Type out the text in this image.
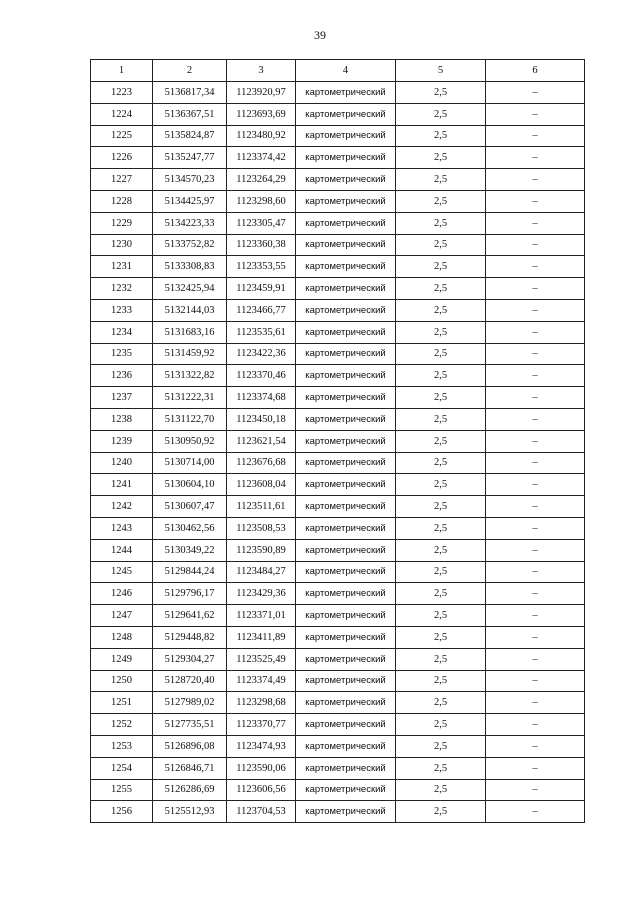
39
1	2	3	4	5	6
1223	5136817,34	1123920,97	картометрический	2,5	–
1224	5136367,51	1123693,69	картометрический	2,5	–
1225	5135824,87	1123480,92	картометрический	2,5	–
1226	5135247,77	1123374,42	картометрический	2,5	–
1227	5134570,23	1123264,29	картометрический	2,5	–
1228	5134425,97	1123298,60	картометрический	2,5	–
1229	5134223,33	1123305,47	картометрический	2,5	–
1230	5133752,82	1123360,38	картометрический	2,5	–
1231	5133308,83	1123353,55	картометрический	2,5	–
1232	5132425,94	1123459,91	картометрический	2,5	–
1233	5132144,03	1123466,77	картометрический	2,5	–
1234	5131683,16	1123535,61	картометрический	2,5	–
1235	5131459,92	1123422,36	картометрический	2,5	–
1236	5131322,82	1123370,46	картометрический	2,5	–
1237	5131222,31	1123374,68	картометрический	2,5	–
1238	5131122,70	1123450,18	картометрический	2,5	–
1239	5130950,92	1123621,54	картометрический	2,5	–
1240	5130714,00	1123676,68	картометрический	2,5	–
1241	5130604,10	1123608,04	картометрический	2,5	–
1242	5130607,47	1123511,61	картометрический	2,5	–
1243	5130462,56	1123508,53	картометрический	2,5	–
1244	5130349,22	1123590,89	картометрический	2,5	–
1245	5129844,24	1123484,27	картометрический	2,5	–
1246	5129796,17	1123429,36	картометрический	2,5	–
1247	5129641,62	1123371,01	картометрический	2,5	–
1248	5129448,82	1123411,89	картометрический	2,5	–
1249	5129304,27	1123525,49	картометрический	2,5	–
1250	5128720,40	1123374,49	картометрический	2,5	–
1251	5127989,02	1123298,68	картометрический	2,5	–
1252	5127735,51	1123370,77	картометрический	2,5	–
1253	5126896,08	1123474,93	картометрический	2,5	–
1254	5126846,71	1123590,06	картометрический	2,5	–
1255	5126286,69	1123606,56	картометрический	2,5	–
1256	5125512,93	1123704,53	картометрический	2,5	–
